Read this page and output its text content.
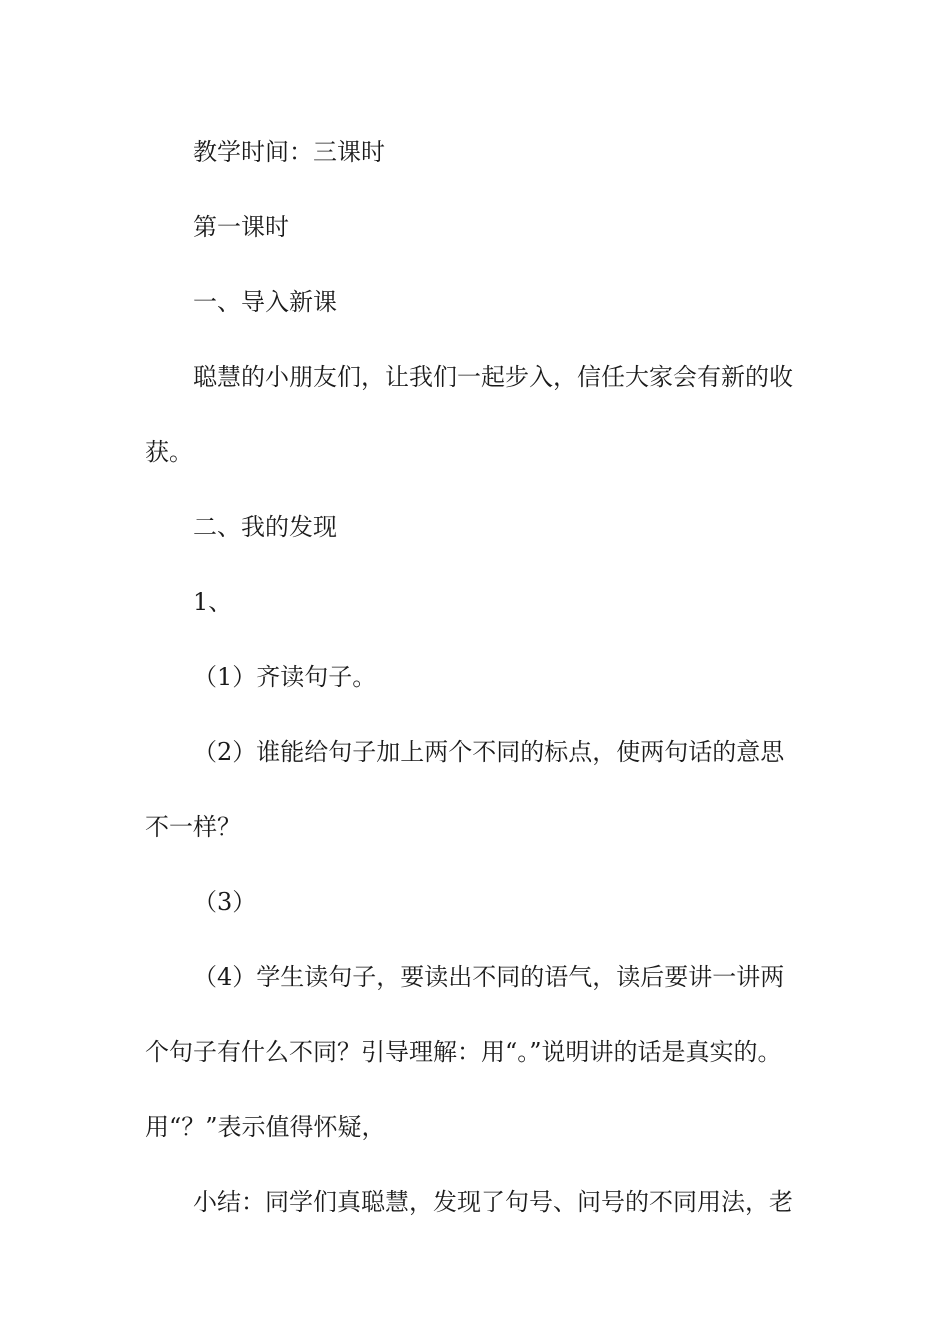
教学时间：三课时

第一课时

一、导入新课

聪慧的小朋友们，让我们一起步入，信任大家会有新的收获。

二、我的发现

1、

（1）齐读句子。

（2）谁能给句子加上两个不同的标点，使两句话的意思不一样？

（3）

（4）学生读句子，要读出不同的语气，读后要讲一讲两个句子有什么不同？引导理解：用“。”说明讲的话是真实的。用“？”表示值得怀疑，

小结：同学们真聪慧，发现了句号、问号的不同用法，老
